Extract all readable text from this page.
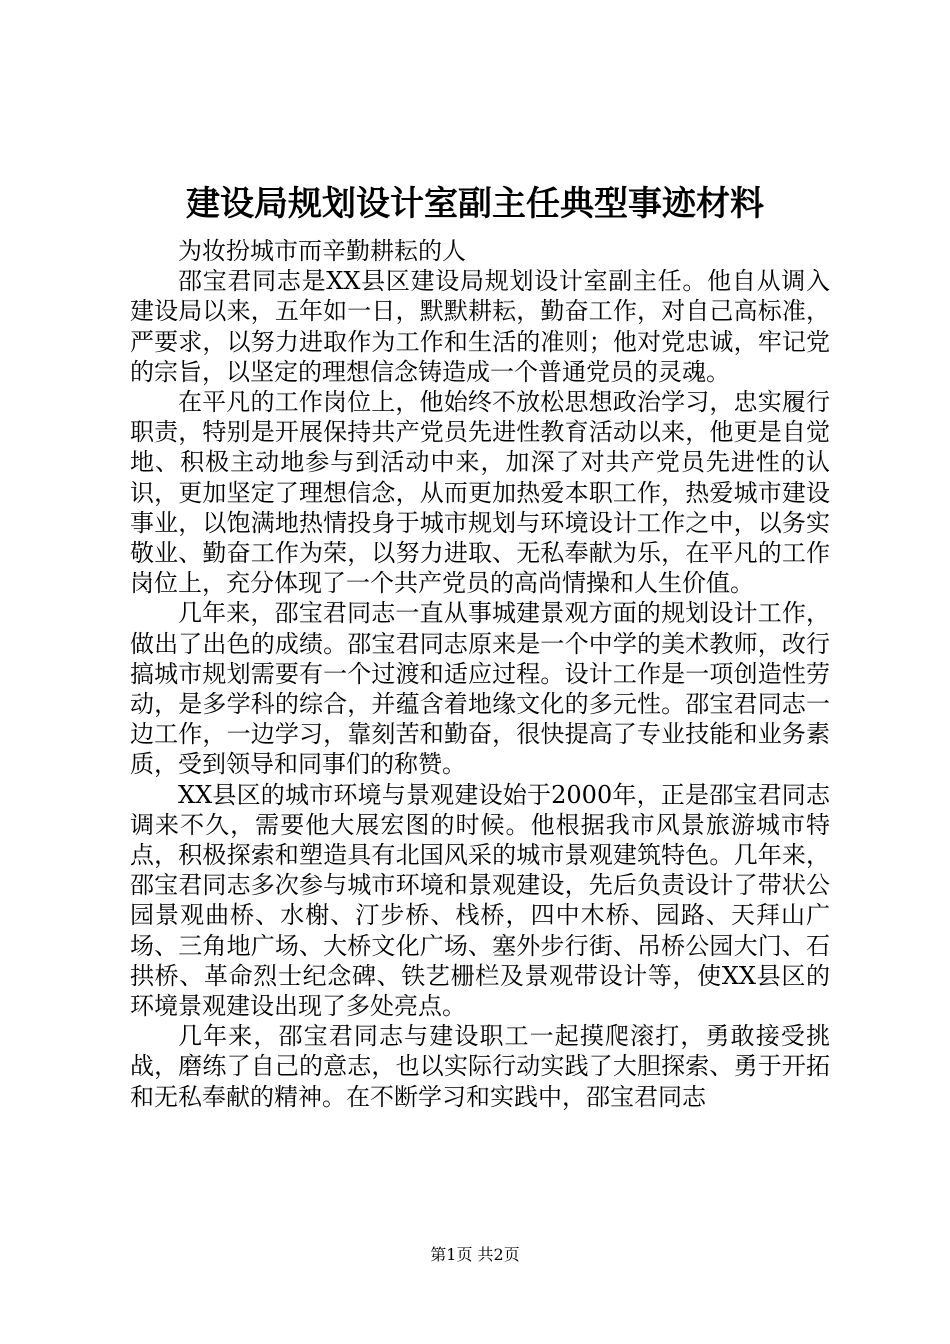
建设局规划设计室副主任典型事迹材料

为妆扮城市而辛勤耕耘的人

邵宝君同志是XX县区建设局规划设计室副主任。他自从调入建设局以来，五年如一日，默默耕耘，勤奋工作，对自己高标准，严要求，以努力进取作为工作和生活的准则；他对党忠诚，牢记党的宗旨，以坚定的理想信念铸造成一个普通党员的灵魂。

在平凡的工作岗位上，他始终不放松思想政治学习，忠实履行职责，特别是开展保持共产党员先进性教育活动以来，他更是自觉地、积极主动地参与到活动中来，加深了对共产党员先进性的认识，更加坚定了理想信念，从而更加热爱本职工作，热爱城市建设事业，以饱满地热情投身于城市规划与环境设计工作之中，以务实敬业、勤奋工作为荣，以努力进取、无私奉献为乐，在平凡的工作岗位上，充分体现了一个共产党员的高尚情操和人生价值。

几年来，邵宝君同志一直从事城建景观方面的规划设计工作，做出了出色的成绩。邵宝君同志原来是一个中学的美术教师，改行搞城市规划需要有一个过渡和适应过程。设计工作是一项创造性劳动，是多学科的综合，并蕴含着地缘文化的多元性。邵宝君同志一边工作，一边学习，靠刻苦和勤奋，很快提高了专业技能和业务素质，受到领导和同事们的称赞。

XX县区的城市环境与景观建设始于2000年，正是邵宝君同志调来不久，需要他大展宏图的时候。他根据我市风景旅游城市特点，积极探索和塑造具有北国风采的城市景观建筑特色。几年来，邵宝君同志多次参与城市环境和景观建设，先后负责设计了带状公园景观曲桥、水榭、汀步桥、栈桥，四中木桥、园路、天拜山广场、三角地广场、大桥文化广场、塞外步行街、吊桥公园大门、石拱桥、革命烈士纪念碑、铁艺栅栏及景观带设计等，使XX县区的环境景观建设出现了多处亮点。

几年来，邵宝君同志与建设职工一起摸爬滚打，勇敢接受挑战，磨练了自己的意志，也以实际行动实践了大胆探索、勇于开拓和无私奉献的精神。在不断学习和实践中，邵宝君同志

第1页 共2页
